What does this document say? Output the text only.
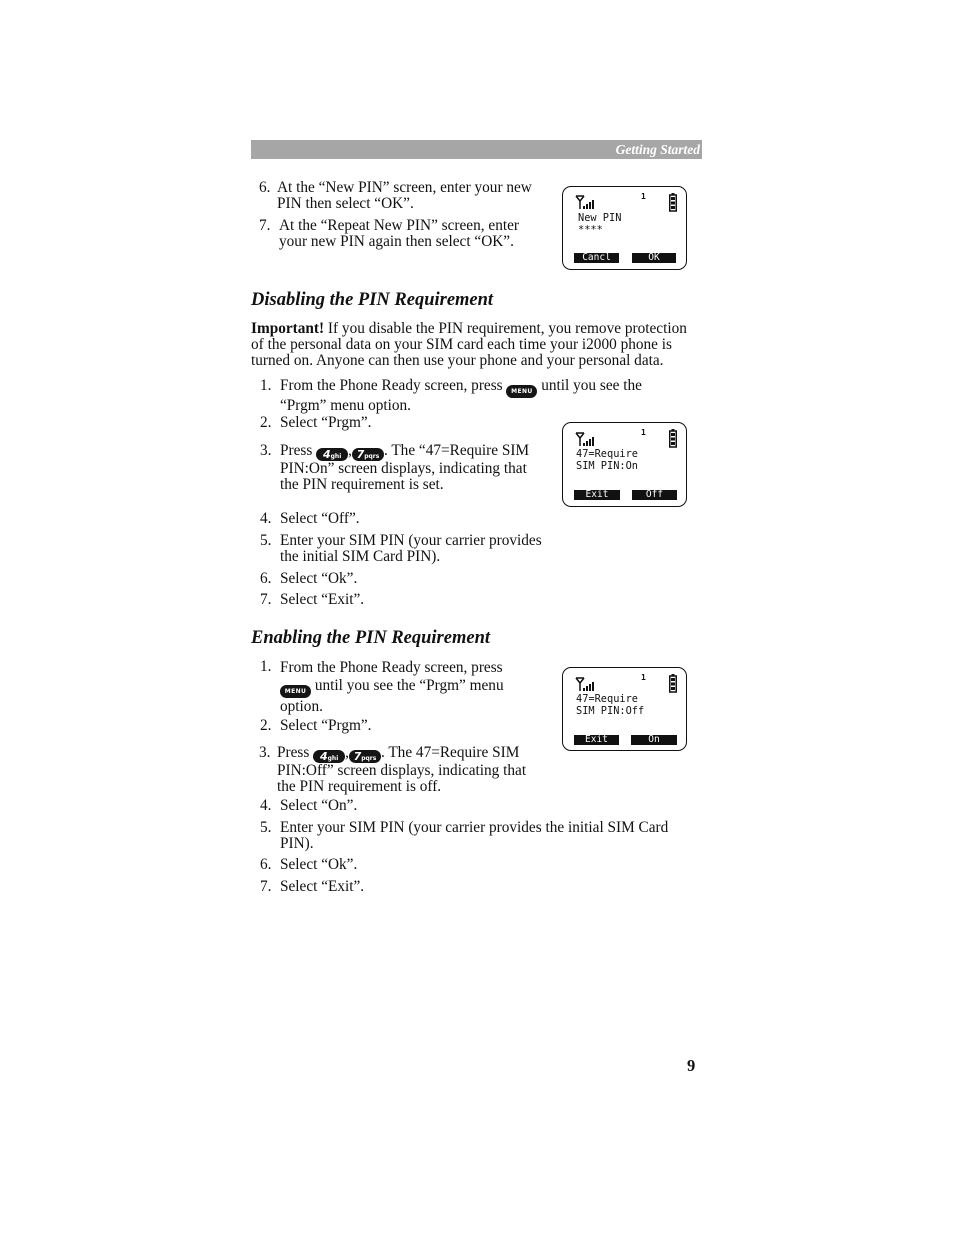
Getting Started
6. At the “New PIN” screen, enter your new PIN then select “OK”.
7. At the “Repeat New PIN” screen, enter your new PIN again then select “OK”.
1
New PIN
****
Cancl	OK
Disabling the PIN Requirement
Important! If you disable the PIN requirement, you remove protection of the personal data on your SIM card each time your i2000 phone is turned on. Anyone can then use your phone and your personal data.
1. From the Phone Ready screen, press MENU until you see the “Prgm” menu option.
2. Select “Prgm”.
3. Press 4ghi , 7pqrs . The “47=Require SIM PIN:On” screen displays, indicating that the PIN requirement is set.
4. Select “Off”.
5. Enter your SIM PIN (your carrier provides the initial SIM Card PIN).
6. Select “Ok”.
7. Select “Exit”.
1
47=Require
SIM PIN:On
Exit	Off
Enabling the PIN Requirement
1. From the Phone Ready screen, press
MENU until you see the “Prgm” menu option.
2. Select “Prgm”.
3. Press 4ghi , 7pqrs . The 47=Require SIM PIN:Off” screen displays, indicating that the PIN requirement is off.
4. Select “On”.
5. Enter your SIM PIN (your carrier provides the initial SIM Card PIN).
6. Select “Ok”.
7. Select “Exit”.
1
47=Require
SIM PIN:Off
Exit	On
9
